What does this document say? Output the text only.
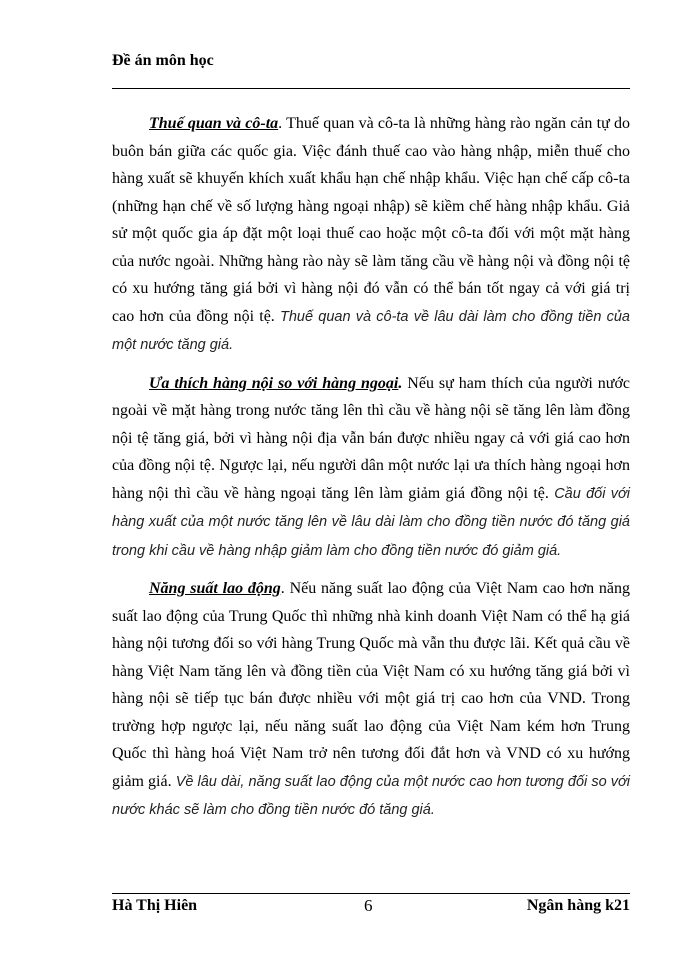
Đề án môn học

Thuế quan và cô-ta. Thuế quan và cô-ta là những hàng rào ngăn cản tự do buôn bán giữa các quốc gia. Việc đánh thuế cao vào hàng nhập, miễn thuế cho hàng xuất sẽ khuyến khích xuất khẩu hạn chế nhập khẩu. Việc hạn chế cấp cô-ta (những hạn chế về số lượng hàng ngoại nhập) sẽ kiềm chế hàng nhập khẩu. Giả sử một quốc gia áp đặt một loại thuế cao hoặc một cô-ta đối với một mặt hàng của nước ngoài. Những hàng rào này sẽ làm tăng cầu về hàng nội và đồng nội tệ có xu hướng tăng giá bởi vì hàng nội đó vẫn có thể bán tốt ngay cả với giá trị cao hơn của đồng nội tệ. Thuế quan và cô-ta về lâu dài làm cho đồng tiền của một nước tăng giá.

Ưa thích hàng nội so với hàng ngoại. Nếu sự ham thích của người nước ngoài về mặt hàng trong nước tăng lên thì cầu về hàng nội sẽ tăng lên làm đồng nội tệ tăng giá, bởi vì hàng nội địa vẫn bán được nhiều ngay cả với giá cao hơn của đồng nội tệ. Ngược lại, nếu người dân một nước lại ưa thích hàng ngoại hơn hàng nội thì cầu về hàng ngoại tăng lên làm giảm giá đồng nội tệ. Cầu đối với hàng xuất của một nước tăng lên về lâu dài làm cho đồng tiền nước đó tăng giá trong khi cầu về hàng nhập giảm làm cho đồng tiền nước đó giảm giá.

Năng suất lao động. Nếu năng suất lao động của Việt Nam cao hơn năng suất lao động của Trung Quốc thì những nhà kinh doanh Việt Nam có thể hạ giá hàng nội tương đối so với hàng Trung Quốc mà vẫn thu được lãi. Kết quả cầu về hàng Việt Nam tăng lên và đồng tiền của Việt Nam có xu hướng tăng giá bởi vì hàng nội sẽ tiếp tục bán được nhiều với một giá trị cao hơn của VND. Trong trường hợp ngược lại, nếu năng suất lao động của Việt Nam kém hơn Trung Quốc thì hàng hoá Việt Nam trở nên tương đối đắt hơn và VND có xu hướng giảm giá. Về lâu dài, năng suất lao động của một nước cao hơn tương đối so với nước khác sẽ làm cho đồng tiền nước đó tăng giá.

Hà Thị Hiên	6	Ngân hàng k21
